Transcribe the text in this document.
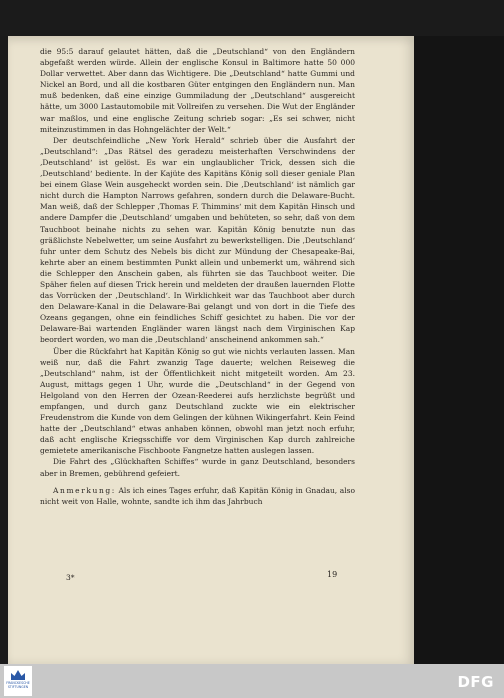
die 95:5 darauf gelautet hätten, daß die „Deutschland“ von den Engländern abgefaßt werden würde. Allein der englische Konsul in Baltimore hatte 50 000 Dollar verwettet. Aber dann das Wichtigere. Die „Deutschland“ hatte Gummi und Nickel an Bord, und all die kostbaren Güter entgingen den Engländern nun. Man muß bedenken, daß eine einzige Gummiladung der „Deutschland“ ausgereicht hätte, um 3000 Lastautomobile mit Vollreifen zu versehen. Die Wut der Engländer war maßlos, und eine englische Zeitung schrieb sogar: „Es sei schwer, nicht miteinzustimmen in das Hohngelächter der Welt.“

Der deutschfeindliche „New York Herald“ schrieb über die Ausfahrt der „Deutschland“: „Das Rätsel des geradezu meisterhaften Verschwindens der ‚Deutschland‘ ist gelöst. Es war ein unglaublicher Trick, dessen sich die ‚Deutschland‘ bediente. In der Kajüte des Kapitäns König soll dieser geniale Plan bei einem Glase Wein ausgeheckt worden sein. Die ‚Deutschland‘ ist nämlich gar nicht durch die Hampton Narrows gefahren, sondern durch die Delaware-Bucht. Man weiß, daß der Schlepper ‚Thomas F. Thimmins‘ mit dem Kapitän Hinsch und andere Dampfer die ‚Deutschland‘ umgaben und behüteten, so sehr, daß von dem Tauchboot beinahe nichts zu sehen war. Kapitän König benutzte nun das gräßlichste Nebelwetter, um seine Ausfahrt zu bewerkstelligen. Die ‚Deutschland‘ fuhr unter dem Schutz des Nebels bis dicht zur Mündung der Chesapeake-Bai, kehrte aber an einem bestimmten Punkt allein und unbemerkt um, während sich die Schlepper den Anschein gaben, als führten sie das Tauchboot weiter. Die Späher fielen auf diesen Trick herein und meldeten der draußen lauernden Flotte das Vorrücken der ‚Deutschland‘. In Wirklichkeit war das Tauchboot aber durch den Delaware-Kanal in die Delaware-Bai gelangt und von dort in die Tiefe des Ozeans gegangen, ohne ein feindliches Schiff gesichtet zu haben. Die vor der Delaware-Bai wartenden Engländer waren längst nach dem Virginischen Kap beordert worden, wo man die ‚Deutschland‘ anscheinend ankommen sah.“

Über die Rückfahrt hat Kapitän König so gut wie nichts verlauten lassen. Man weiß nur, daß die Fahrt zwanzig Tage dauerte; welchen Reiseweg die „Deutschland“ nahm, ist der Öffentlichkeit nicht mitgeteilt worden. Am 23. August, mittags gegen 1 Uhr, wurde die „Deutschland“ in der Gegend von Helgoland von den Herren der Ozean-Reederei aufs herzlichste begrüßt und empfangen, und durch ganz Deutschland zuckte wie ein elektrischer Freudenstrom die Kunde von dem Gelingen der kühnen Wikingerfahrt. Kein Feind hatte der „Deutschland“ etwas anhaben können, obwohl man jetzt noch erfuhr, daß acht englische Kriegsschiffe vor dem Virginischen Kap durch zahlreiche gemietete amerikanische Fischboote Fangnetze hatten auslegen lassen.

Die Fahrt des „Glückhaften Schiffes“ wurde in ganz Deutschland, besonders aber in Bremen, gebührend gefeiert.

Anmerkung: Als ich eines Tages erfuhr, daß Kapitän König in Gnadau, also nicht weit von Halle, wohnte, sandte ich ihm das Jahrbuch

3*	19
FRANCKESCHE STIFTUNGEN	DFG
